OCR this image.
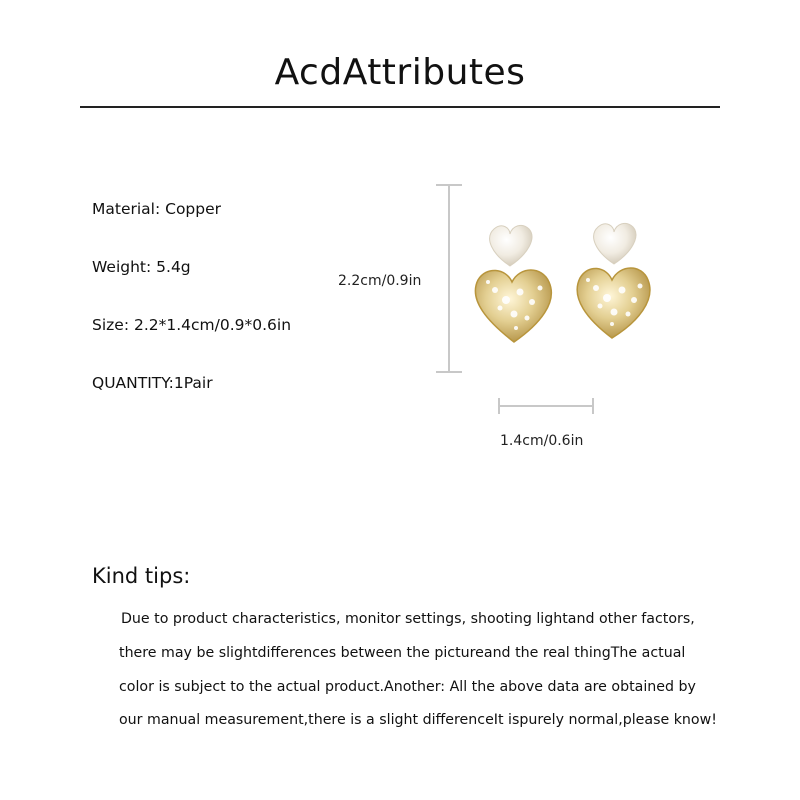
AcdAttributes
Material: Copper
Weight: 5.4g
Size: 2.2*1.4cm/0.9*0.6in
QUANTITY:1Pair
2.2cm/0.9in
1.4cm/0.6in
Kind tips:
Due to product characteristics, monitor settings, shooting lightand other factors,
there may be slightdifferences between the pictureand the real thingThe actual
color is subject to the actual product.Another: All the above data are obtained by
our manual measurement,there is a slight differenceIt ispurely normal,please know!
